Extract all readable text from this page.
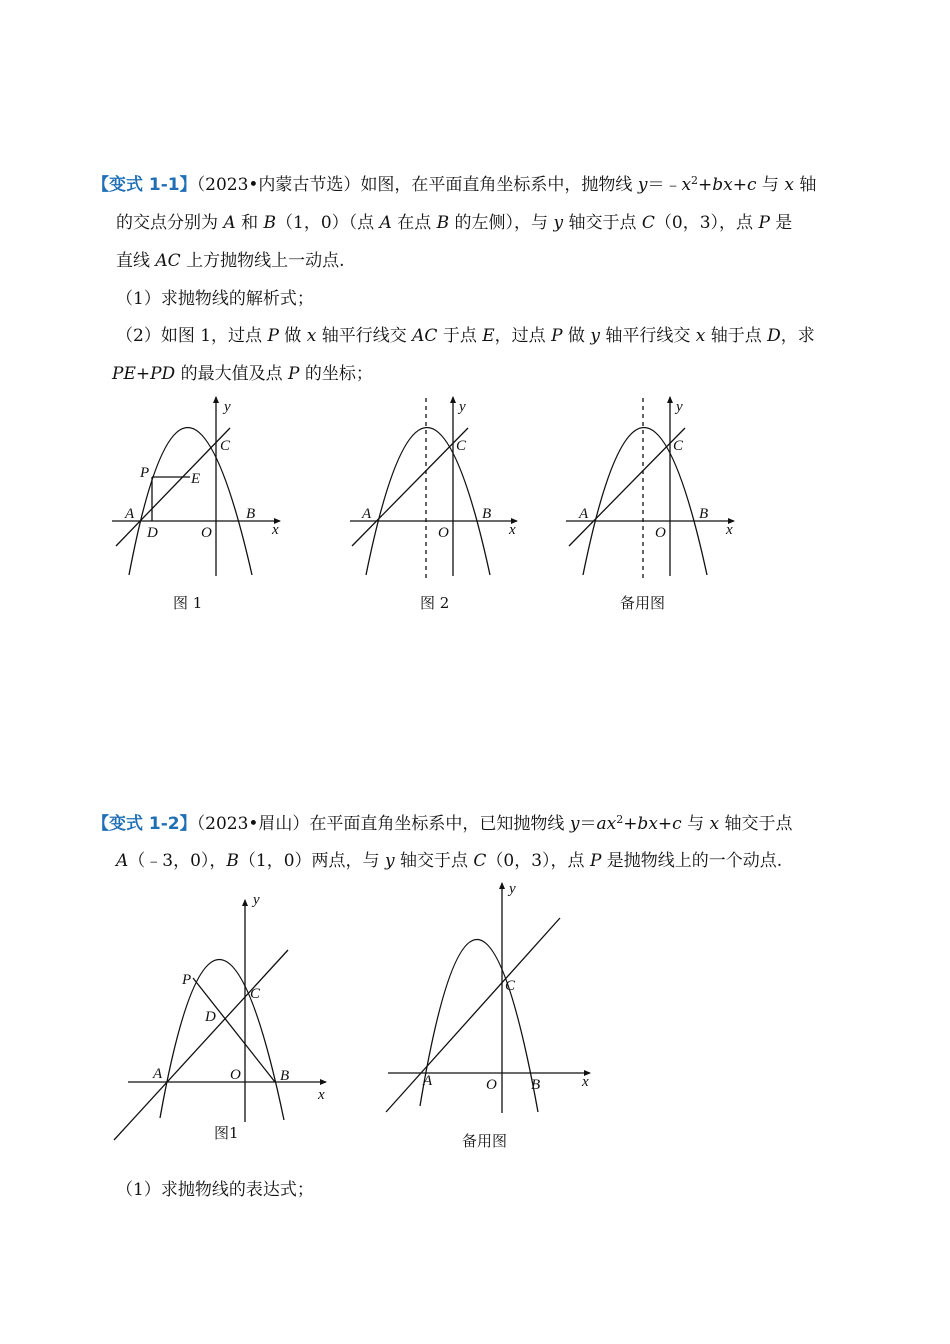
【变式 1-1】（2023•内蒙古节选）如图，在平面直角坐标系中，抛物线 $y=﹣x^2+bx+c$ 与 x 轴
的交点分别为 A 和 B（1，0）（点 A 在点 B 的左侧），与 y 轴交于点 C（0，3），点 P 是
直线 AC 上方抛物线上一动点.
（1）求抛物线的解析式；
（2）如图 1，过点 P 做 x 轴平行线交 AC 于点 E，过点 P 做 y 轴平行线交 x 轴于点 D，求
PE+PD 的最大值及点 P 的坐标；
y
x
C
P	E
A
D	O
B
图 1
y
x
C
A
O
B
图 2
y
x
C
A
O
B
备用图
【变式 1-2】（2023•眉山）在平面直角坐标系中，已知抛物线 $y=ax^2+bx+c$ 与 x 轴交于点
A（﹣3，0），B（1，0）两点，与 y 轴交于点 C（0，3），点 P 是抛物线上的一个动点.
y
x
P
C
D
A	O	B
图1
y
x
C
A	O B
备用图
（1）求抛物线的表达式；
